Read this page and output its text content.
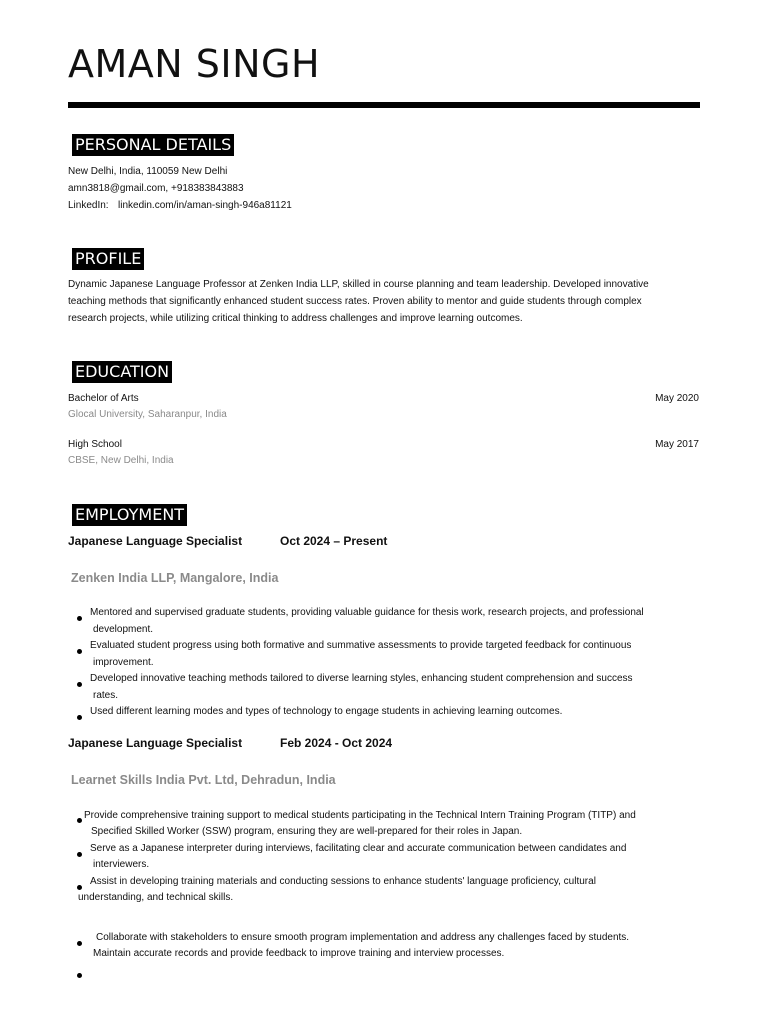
AMAN SINGH
PERSONAL DETAILS
New Delhi, India, 110059 New Delhi
amn3818@gmail.com, +918383843883
LinkedIn: linkedin.com/in/aman-singh-946a81121
PROFILE
Dynamic Japanese Language Professor at Zenken India LLP, skilled in course planning and team leadership. Developed innovative
teaching methods that significantly enhanced student success rates. Proven ability to mentor and guide students through complex
research projects, while utilizing critical thinking to address challenges and improve learning outcomes.
EDUCATION
Bachelor of Arts	May 2020
Glocal University, Saharanpur, India
High School	May 2017
CBSE, New Delhi, India
EMPLOYMENT
Japanese Language Specialist	Oct 2024 – Present
Zenken India LLP, Mangalore, India
Mentored and supervised graduate students, providing valuable guidance for thesis work, research projects, and professional
development.
Evaluated student progress using both formative and summative assessments to provide targeted feedback for continuous
improvement.
Developed innovative teaching methods tailored to diverse learning styles, enhancing student comprehension and success
rates.
Used different learning modes and types of technology to engage students in achieving learning outcomes.
Japanese Language Specialist	Feb 2024 - Oct 2024
Learnet Skills India Pvt. Ltd, Dehradun, India
Provide comprehensive training support to medical students participating in the Technical Intern Training Program (TITP) and
Specified Skilled Worker (SSW) program, ensuring they are well-prepared for their roles in Japan.
Serve as a Japanese interpreter during interviews, facilitating clear and accurate communication between candidates and
interviewers.
Assist in developing training materials and conducting sessions to enhance students' language proficiency, cultural
understanding, and technical skills.
Collaborate with stakeholders to ensure smooth program implementation and address any challenges faced by students.
Maintain accurate records and provide feedback to improve training and interview processes.
